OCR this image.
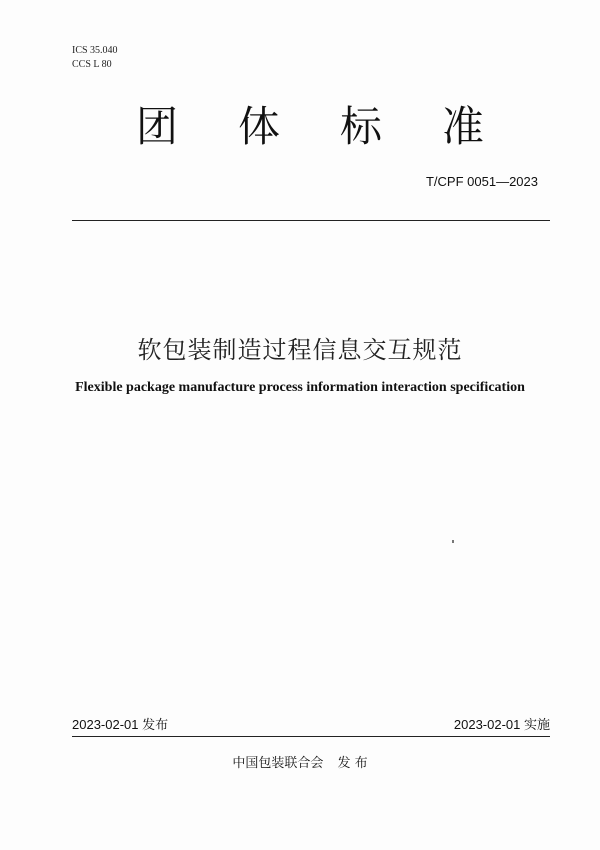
ICS 35.040
CCS L 80
团体标准
T/CPF 0051—2023
软包装制造过程信息交互规范
Flexible package manufacture process information interaction specification
2023-02-01 发布	2023-02-01 实施
中国包装联合会 发 布
